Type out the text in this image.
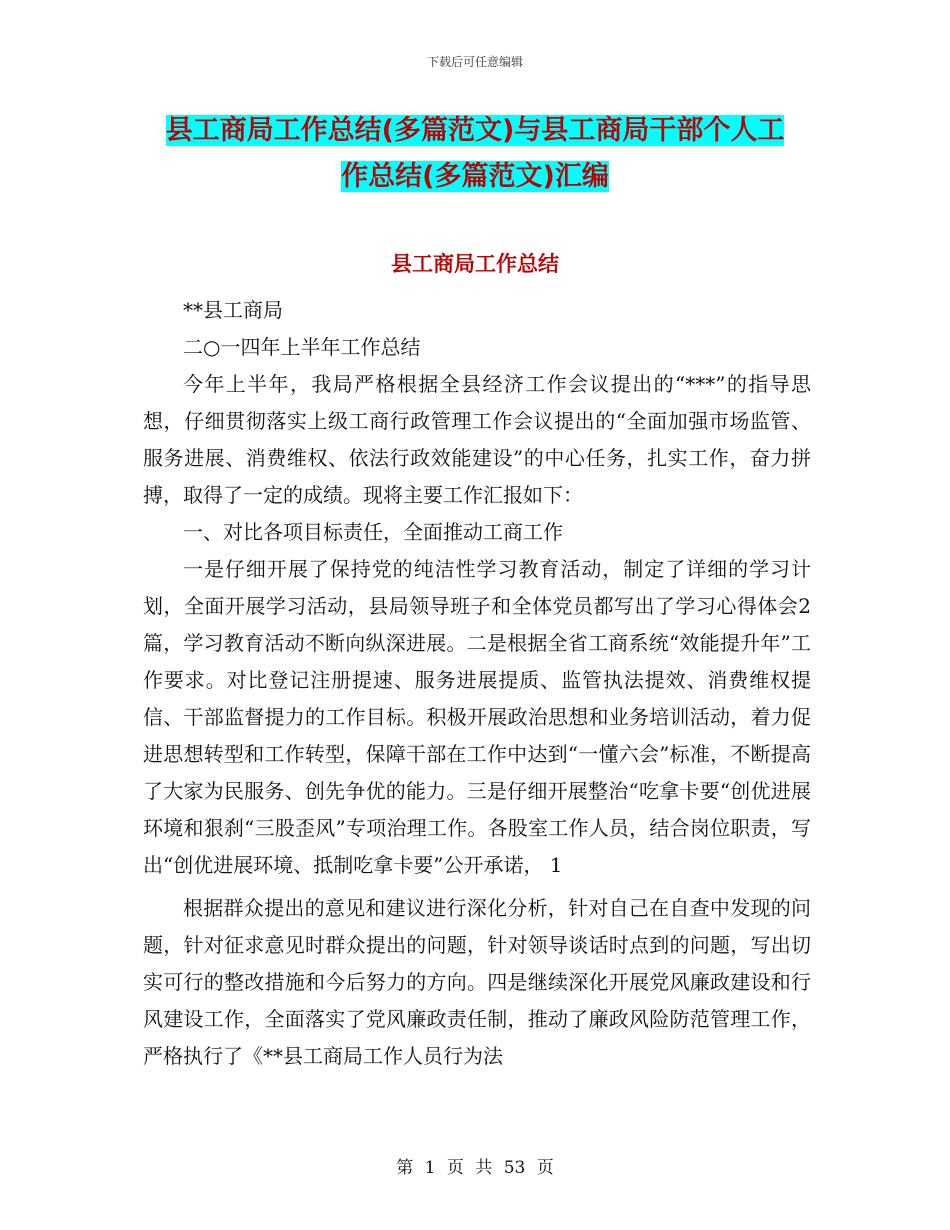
下载后可任意编辑
县工商局工作总结(多篇范文)与县工商局干部个人工
作总结(多篇范文)汇编
县工商局工作总结

**县工商局

二○一四年上半年工作总结

今年上半年，我局严格根据全县经济工作会议提出的“***”的指导思想，仔细贯彻落实上级工商行政管理工作会议提出的“全面加强市场监管、服务进展、消费维权、依法行政效能建设”的中心任务，扎实工作，奋力拼搏，取得了一定的成绩。现将主要工作汇报如下：

一、对比各项目标责任，全面推动工商工作

一是仔细开展了保持党的纯洁性学习教育活动，制定了详细的学习计划，全面开展学习活动，县局领导班子和全体党员都写出了学习心得体会2篇，学习教育活动不断向纵深进展。二是根据全省工商系统“效能提升年”工作要求。对比登记注册提速、服务进展提质、监管执法提效、消费维权提信、干部监督提力的工作目标。积极开展政治思想和业务培训活动，着力促进思想转型和工作转型，保障干部在工作中达到“一懂六会”标准，不断提高了大家为民服务、创先争优的能力。三是仔细开展整治“吃拿卡要“创优进展环境和狠刹“三股歪风”专项治理工作。各股室工作人员，结合岗位职责，写出“创优进展环境、抵制吃拿卡要”公开承诺， 1

根据群众提出的意见和建议进行深化分析，针对自己在自查中发现的问题，针对征求意见时群众提出的问题，针对领导谈话时点到的问题，写出切实可行的整改措施和今后努力的方向。四是继续深化开展党风廉政建设和行风建设工作，全面落实了党风廉政责任制，推动了廉政风险防范管理工作，严格执行了《**县工商局工作人员行为法

第 1 页 共 53 页
